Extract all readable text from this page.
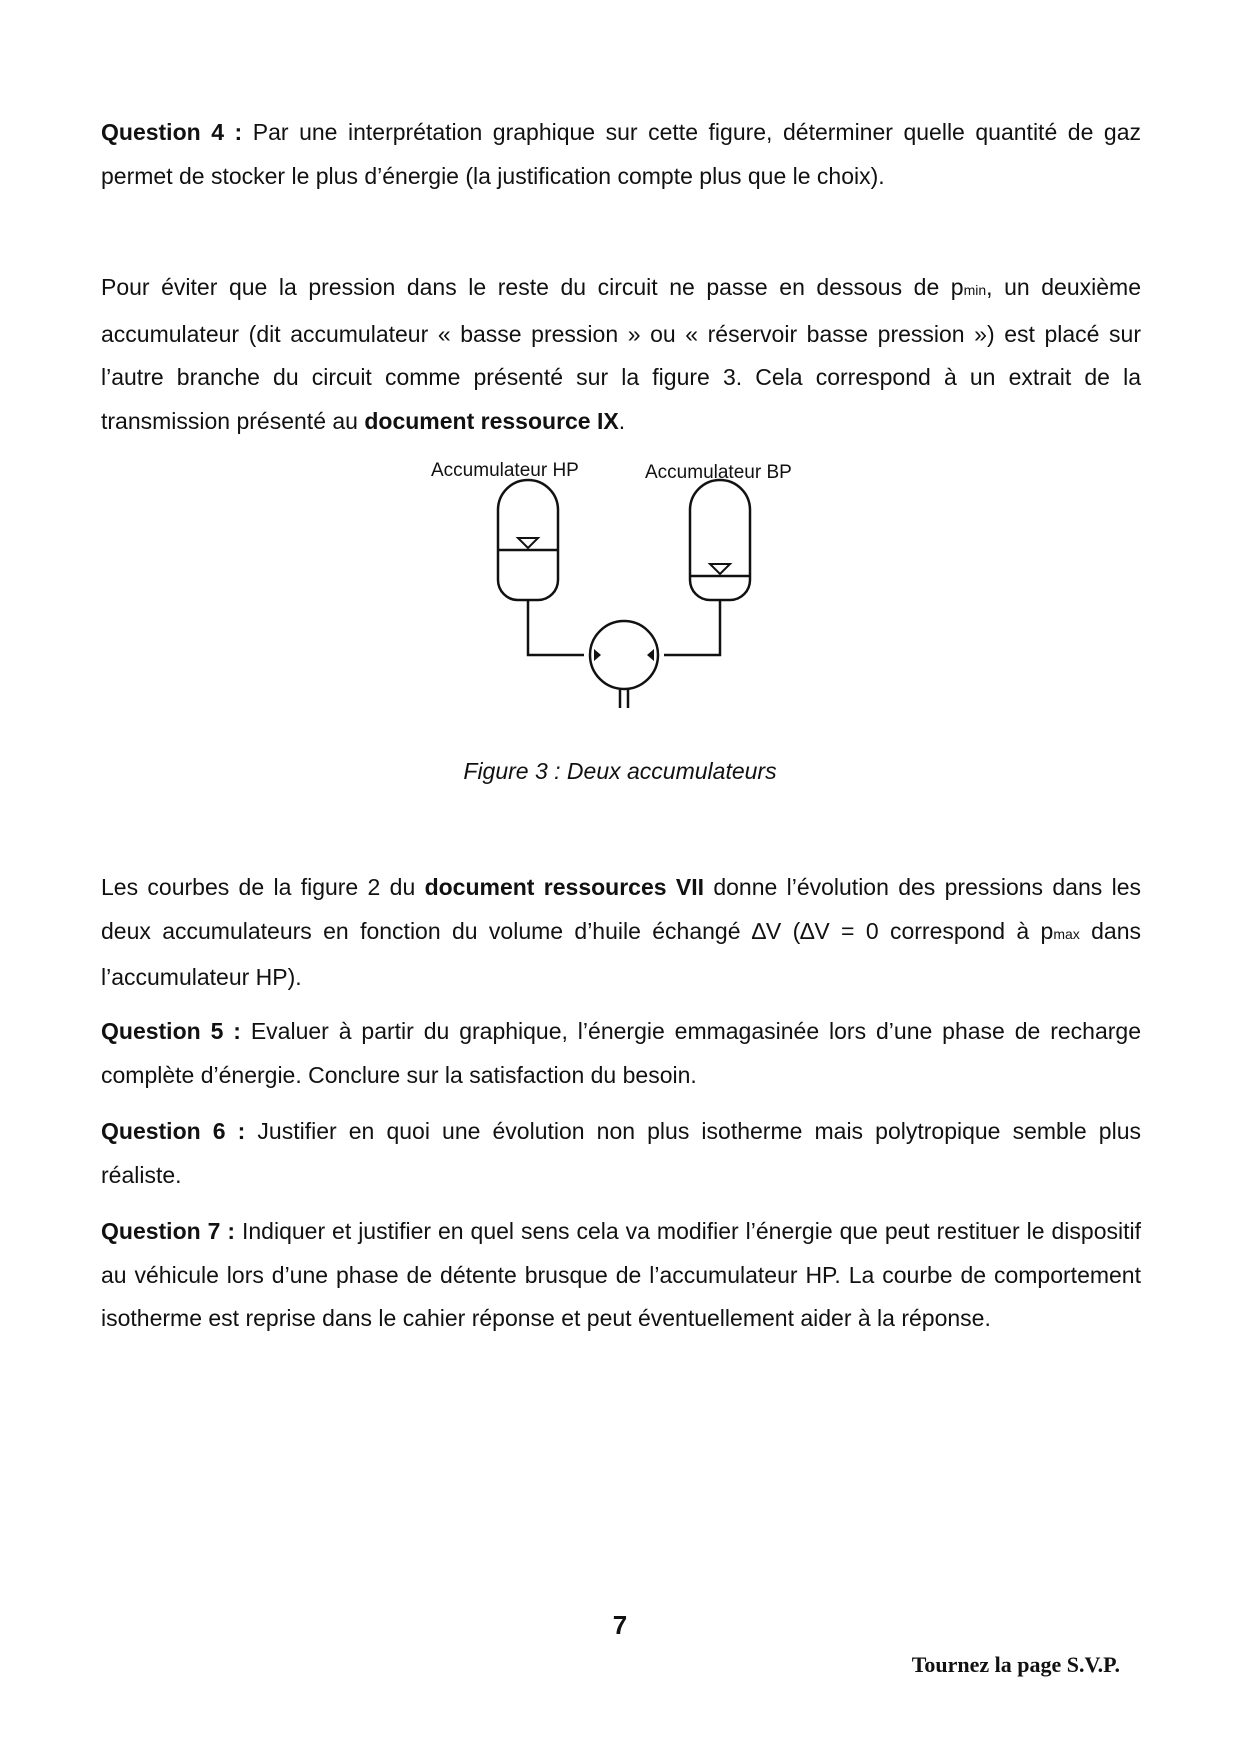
Question 4 : Par une interprétation graphique sur cette figure, déterminer quelle quantité de gaz permet de stocker le plus d’énergie (la justification compte plus que le choix).

Pour éviter que la pression dans le reste du circuit ne passe en dessous de pmin, un deuxième accumulateur (dit accumulateur « basse pression » ou « réservoir basse pression ») est placé sur l’autre branche du circuit comme présenté sur la figure 3. Cela correspond à un extrait de la transmission présenté au document ressource IX.

Accumulateur HP	Accumulateur BP
Figure 3 : Deux accumulateurs

Les courbes de la figure 2 du document ressources VII donne l’évolution des pressions dans les deux accumulateurs en fonction du volume d’huile échangé ∆V (∆V = 0 correspond à pmax dans l’accumulateur HP).

Question 5 : Evaluer à partir du graphique, l’énergie emmagasinée lors d’une phase de recharge complète d’énergie. Conclure sur la satisfaction du besoin.

Question 6 : Justifier en quoi une évolution non plus isotherme mais polytropique semble plus réaliste.

Question 7 : Indiquer et justifier en quel sens cela va modifier l’énergie que peut restituer le dispositif au véhicule lors d’une phase de détente brusque de l’accumulateur HP. La courbe de comportement isotherme est reprise dans le cahier réponse et peut éventuellement aider à la réponse.

7
Tournez la page S.V.P.
